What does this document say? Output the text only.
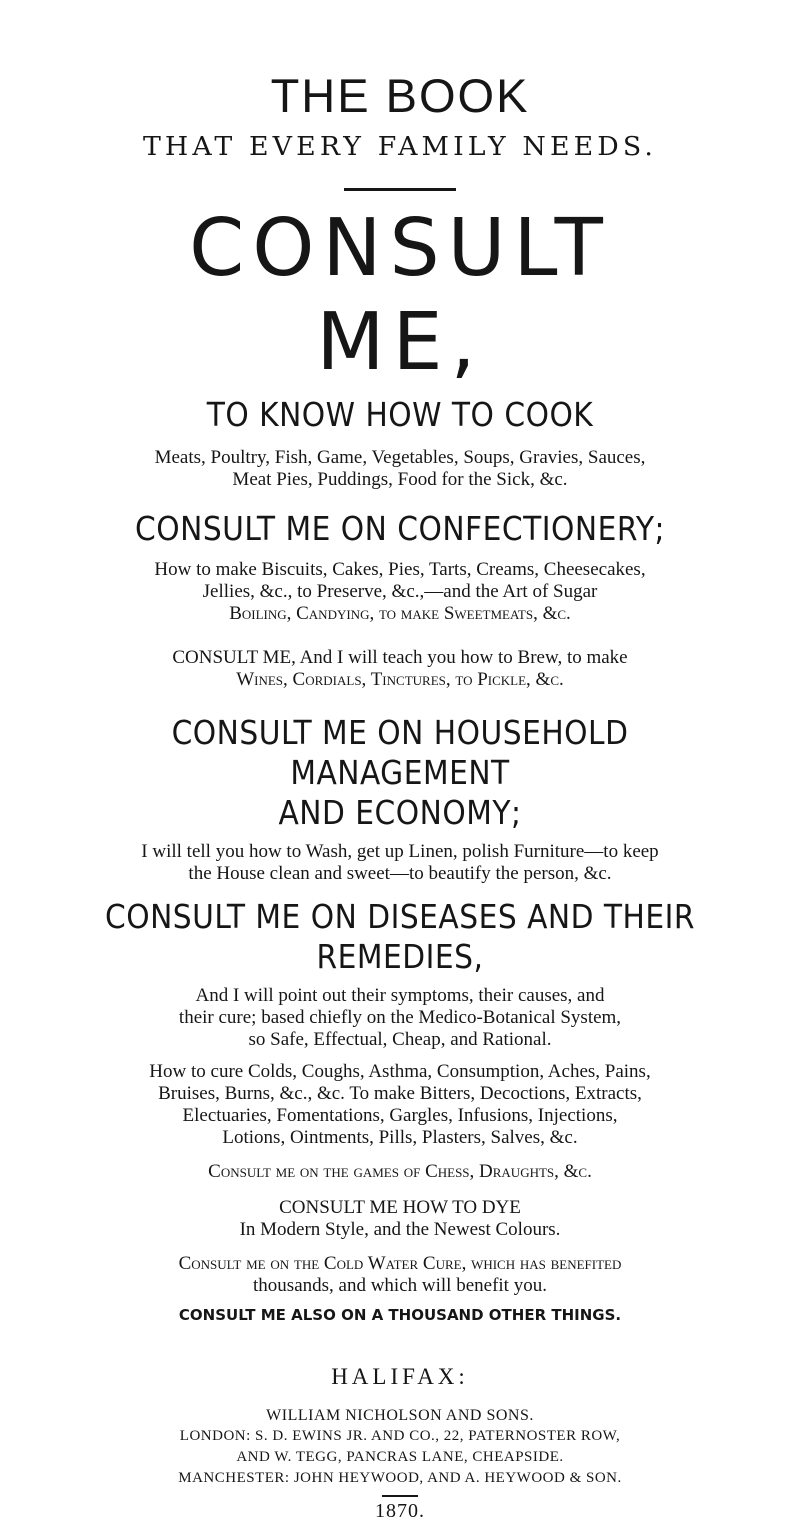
THE BOOK
THAT EVERY FAMILY NEEDS.
CONSULT ME,
TO KNOW HOW TO COOK
Meats, Poultry, Fish, Game, Vegetables, Soups, Gravies, Sauces,
Meat Pies, Puddings, Food for the Sick, &c.
CONSULT ME ON CONFECTIONERY;
How to make Biscuits, Cakes, Pies, Tarts, Creams, Cheesecakes,
Jellies, &c., to Preserve, &c.,—and the Art of Sugar
Boiling, Candying, to make Sweetmeats, &c.
CONSULT ME, And I will teach you how to Brew, to make
Wines, Cordials, Tinctures, to Pickle, &c.
CONSULT ME ON HOUSEHOLD MANAGEMENT
AND ECONOMY;
I will tell you how to Wash, get up Linen, polish Furniture—to keep
the House clean and sweet—to beautify the person, &c.
CONSULT ME ON DISEASES AND THEIR REMEDIES,
And I will point out their symptoms, their causes, and
their cure; based chiefly on the Medico-Botanical System,
so Safe, Effectual, Cheap, and Rational.
How to cure Colds, Coughs, Asthma, Consumption, Aches, Pains,
Bruises, Burns, &c., &c. To make Bitters, Decoctions, Extracts,
Electuaries, Fomentations, Gargles, Infusions, Injections,
Lotions, Ointments, Pills, Plasters, Salves, &c.
Consult me on the games of Chess, Draughts, &c.
CONSULT ME HOW TO DYE
In Modern Style, and the Newest Colours.
Consult me on the Cold Water Cure, which has benefited
thousands, and which will benefit you.
CONSULT ME ALSO ON A THOUSAND OTHER THINGS.
HALIFAX:
WILLIAM NICHOLSON AND SONS.
LONDON: S. D. EWINS JR. AND CO., 22, PATERNOSTER ROW,
AND W. TEGG, PANCRAS LANE, CHEAPSIDE.
MANCHESTER: JOHN HEYWOOD, AND A. HEYWOOD & SON.
1870.
